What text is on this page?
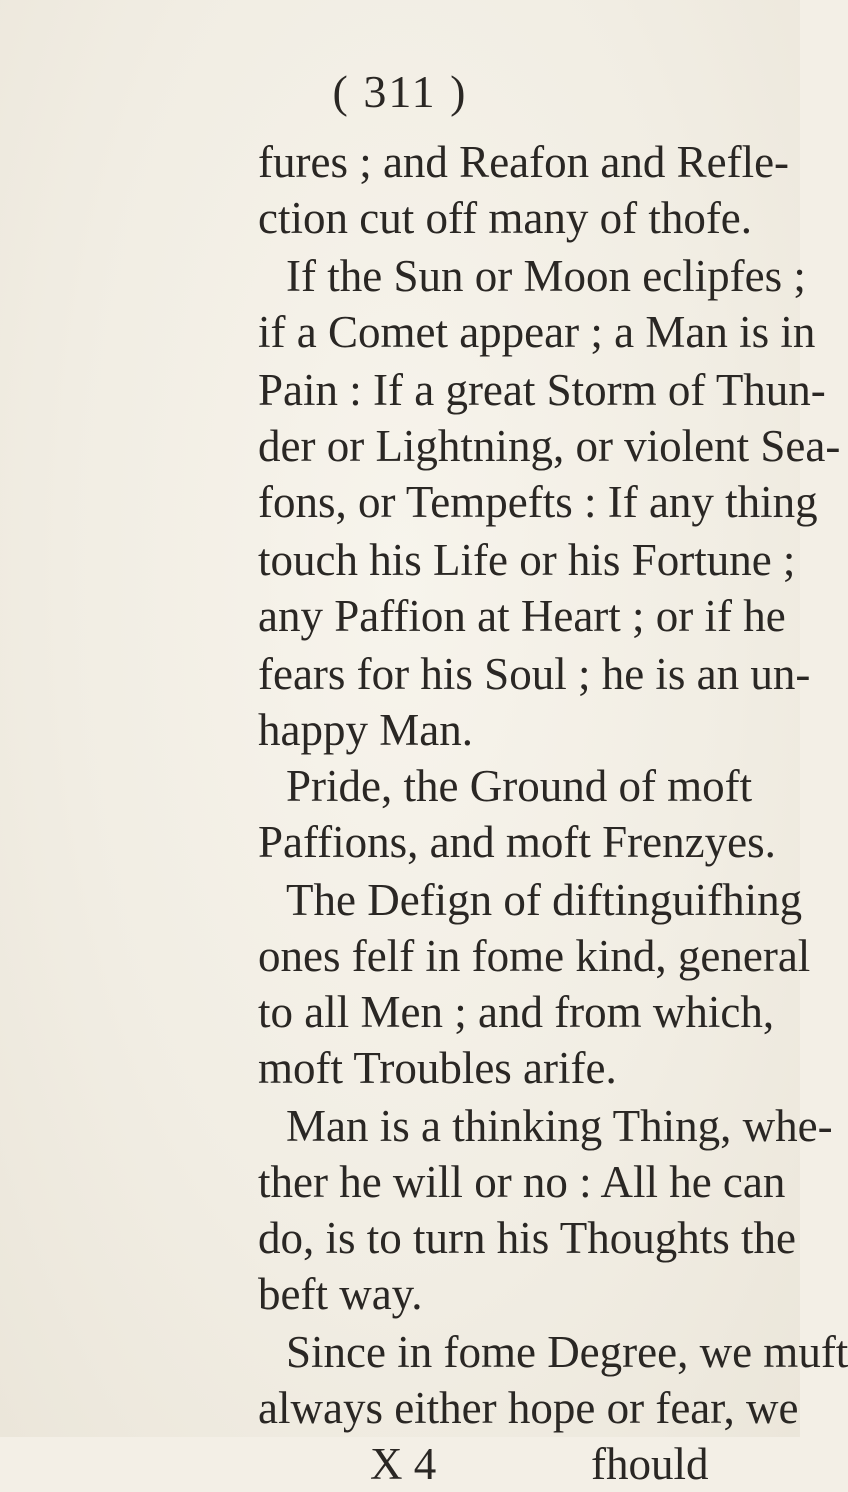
( 311 )
fures ; and Reafon and Refle-
ction cut off many of thofe.
If the Sun or Moon eclipfes ;
if a Comet appear ; a Man is in
Pain : If a great Storm of Thun-
der or Lightning, or violent Sea-
fons, or Tempefts : If any thing
touch his Life or his Fortune ;
any Paffion at Heart ; or if he
fears for his Soul ; he is an un-
happy Man.
Pride, the Ground of moft
Paffions, and moft Frenzyes.
The Defign of diftinguifhing
ones felf in fome kind, general
to all Men ; and from which,
moft Troubles arife.
Man is a thinking Thing, whe-
ther he will or no : All he can
do, is to turn his Thoughts the
beft way.
Since in fome Degree, we muft
always either hope or fear, we
X 4	fhould
